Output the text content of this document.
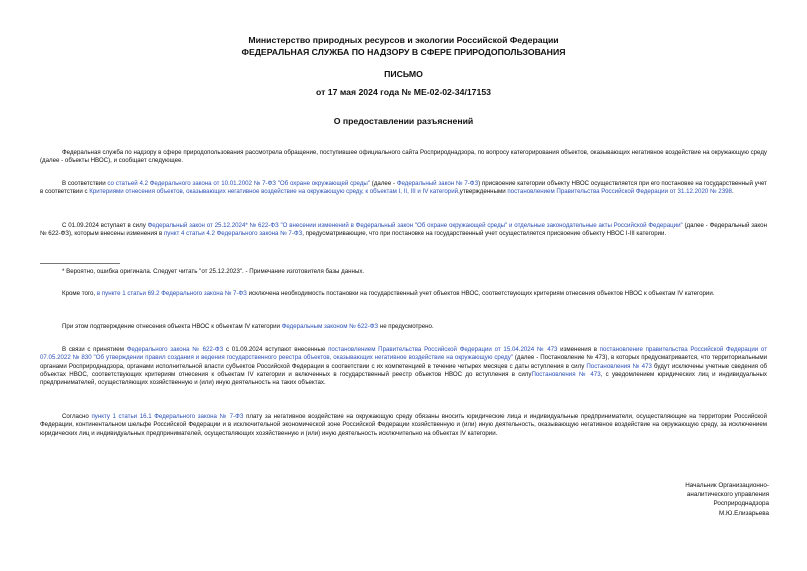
Министерство природных ресурсов и экологии Российской Федерации
ФЕДЕРАЛЬНАЯ СЛУЖБА ПО НАДЗОРУ В СФЕРЕ ПРИРОДОПОЛЬЗОВАНИЯ
ПИСЬМО
от 17 мая 2024 года № МЕ-02-02-34/17153
О предоставлении разъяснений

Федеральная служба по надзору в сфере природопользования рассмотрела обращение, поступившее официального сайта Росприроднадзора, по вопросу категорирования объектов, оказывающих негативное воздействие на окружающую среду (далее - объекты НВОС), и сообщает следующее.

В соответствии со статьей 4.2 Федерального закона от 10.01.2002 № 7-ФЗ "Об охране окружающей среды" (далее - Федеральный закон № 7-ФЗ) присвоение категории объекту НВОС осуществляется при его постановке на государственный учет в соответствии с Критериями отнесения объектов, оказывающих негативное воздействие на окружающую среду, к объектам I, II, III и IV категорий,утвержденными постановлением Правительства Российской Федерации от 31.12.2020 № 2398.

С 01.09.2024 вступает в силу Федеральный закон от 25.12.2024* № 622-ФЗ "О внесении изменений в Федеральный закон "Об охране окружающей среды" и отдельные законодательные акты Российской Федерации" (далее - Федеральный закон № 622-ФЗ), которым внесены изменения в пункт 4 статьи 4.2 Федерального закона № 7-ФЗ, предусматривающие, что при постановке на государственный учет осуществляется присвоение объекту НВОС I-III категории.

* Вероятно, ошибка оригинала. Следует читать "от 25.12.2023". - Примечание изготовителя базы данных.

Кроме того, в пункте 1 статьи 69.2 Федерального закона № 7-ФЗ исключена необходимость постановки на государственный учет объектов НВОС, соответствующих критериям отнесения объектов НВОС к объектам IV категории.

При этом подтверждение отнесения объекта НВОС к объектам IV категории Федеральным законом № 622-ФЗ не предусмотрено.

В связи с принятием Федерального закона № 622-ФЗ с 01.09.2024 вступают внесенные постановлением Правительства Российской Федерации от 15.04.2024 № 473 изменения в постановление правительства Российской Федерации от 07.05.2022 № 830 "Об утверждении правил создания и ведения государственного реестра объектов, оказывающих негативное воздействие на окружающую среду" (далее - Постановление № 473), в которых предусматривается, что территориальными органами Росприроднадзора, органами исполнительной власти субъектов Российской Федерации в соответствии с их компетенцией в течение четырех месяцев с даты вступления в силу Постановления № 473 будут исключены учетные сведения об объектах НВОС, соответствующих критериям отнесения к объектам IV категории и включенных в государственный реестр объектов НВОС до вступления в силуПостановления № 473, с уведомлением юридических лиц и индивидуальных предпринимателей, осуществляющих хозяйственную и (или) иную деятельность на таких объектах.

Согласно пункту 1 статьи 16.1 Федерального закона № 7-ФЗ плату за негативное воздействие на окружающую среду обязаны вносить юридические лица и индивидуальные предприниматели, осуществляющие на территории Российской Федерации, континентальном шельфе Российской Федерации и в исключительной экономической зоне Российской Федерации хозяйственную и (или) иную деятельность, оказывающую негативное воздействие на окружающую среду, за исключением юридических лиц и индивидуальных предпринимателей, осуществляющих хозяйственную и (или) иную деятельность исключительно на объектах IV категории.

Начальник Организационно-
аналитического управления
Росприроднадзора
М.Ю.Елизарьева
